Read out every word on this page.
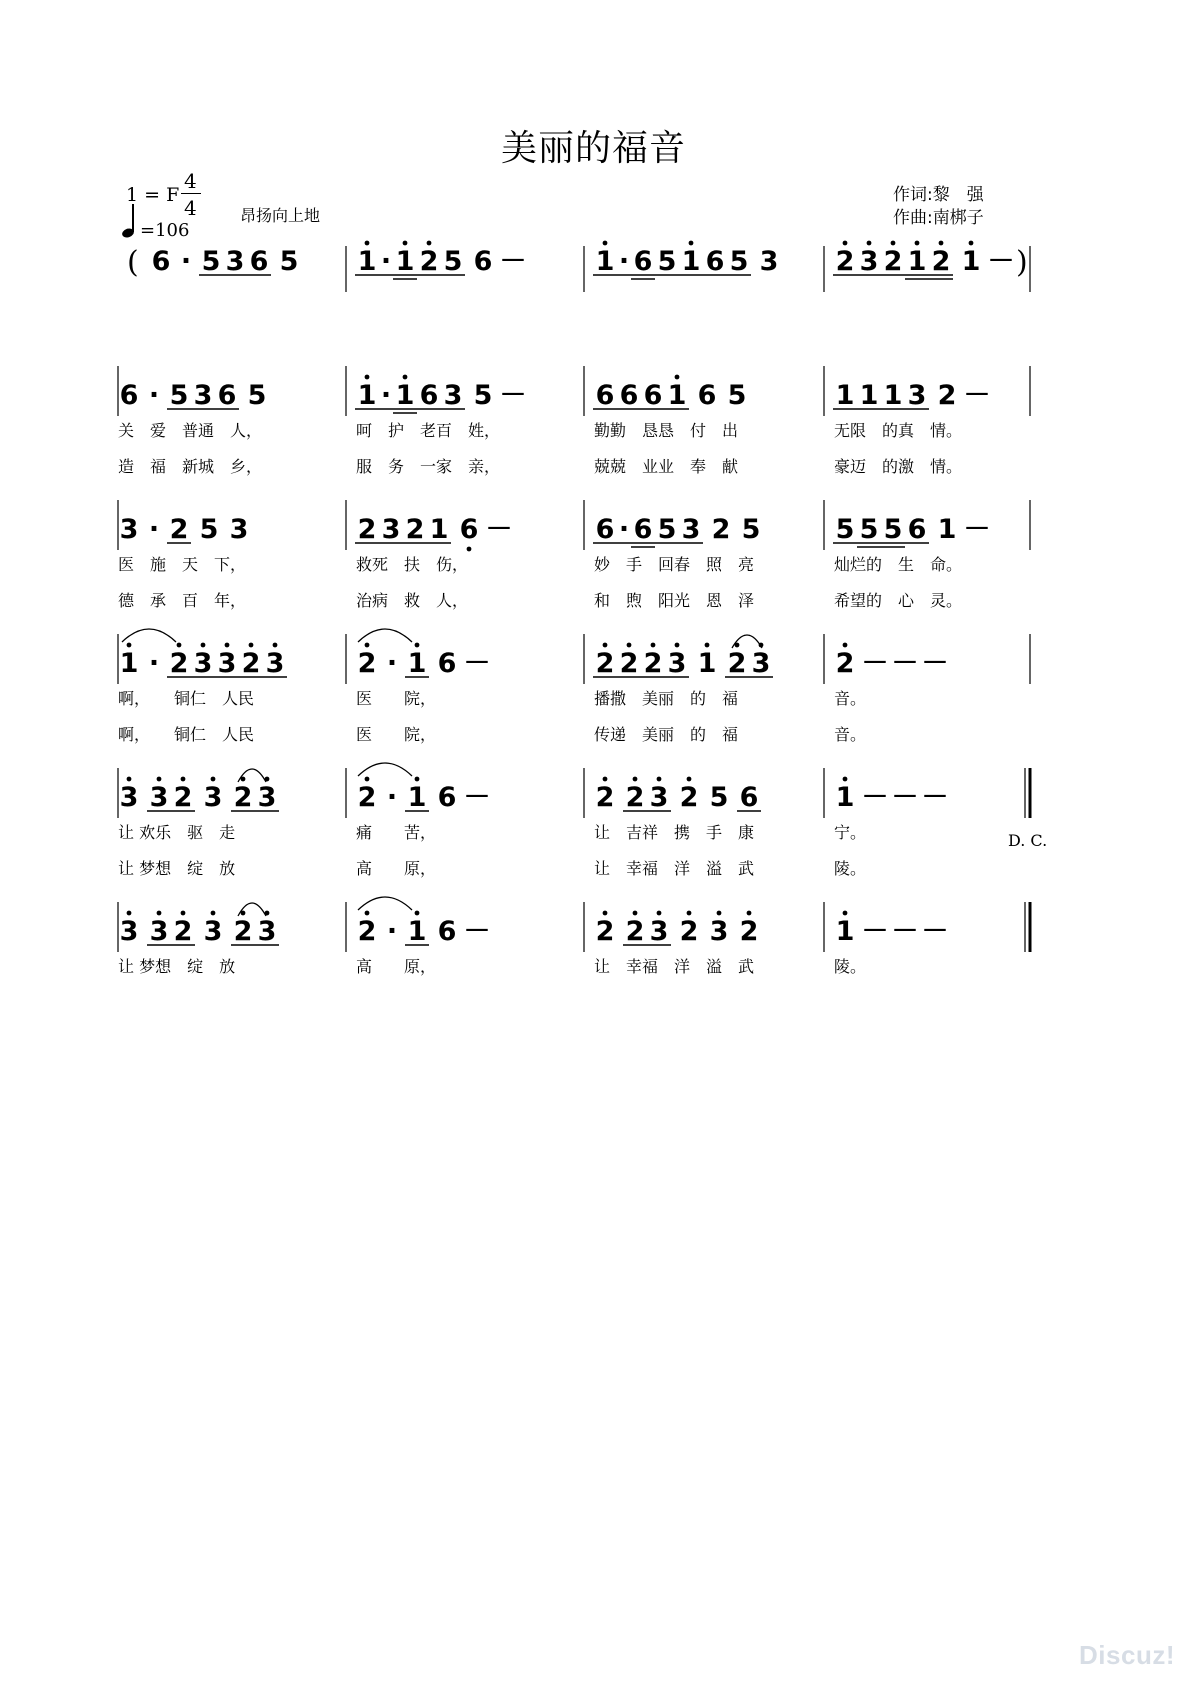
美丽的福音
1 = F
4
4
=106
昂扬向上地
作词:黎　强
作曲:南梆子
( 6 · 5 3 6 5 1 · 1 2 5 6 －	1 · 6 5 1 6 5 3 2 3 2 1 2 1 － )
6 · 5 3 6 5
关　爱　普通　人，
造　福　新城　乡，
1 · 1 6 3 5 －
呵　护　老百　姓，
服　务　一家　亲，
6 6 6 1 6 5
勤勤　恳恳　付　出
兢兢　业业　奉　献
1 1 1 3 2 －
无限　的真　情。
豪迈　的激　情。
3 · 2 5 3
医　施　天　下，
德　承　百　年，
2 3 2 1 6 －
救死　扶　伤，
治病　救　人，
6 · 6 5 3 2 5
妙　手　回春　照　亮
和　煦　阳光　恩　泽
5 5 5 6 1 －
灿烂的　生　命。
希望的　心　灵。
1 · 2 3 3 2 3
啊，　　铜仁　人民
啊，　　铜仁　人民
2 · 1 6 －
医　　院，
医　　院，
2 2 2 3 1 2 3
播撒　美丽　的　福
传递　美丽　的　福
2 － － －
音。
音。
3 3 2 3 2 3
让 欢乐　驱　走
让 梦想　绽　放
2 · 1 6 －
痛　　苦，
高　　原，
2 2 3 2 5 6
让　吉祥　携　手　康
让　幸福　洋　溢　武
1 － － －
宁。
陵。
3 3 2 3 2 3
让 梦想　绽　放
2 · 1 6 －
高　　原，
2 2 3 2 3 2
让　幸福　洋　溢　武
1 － － －
陵。
D. C.
Discuz!
